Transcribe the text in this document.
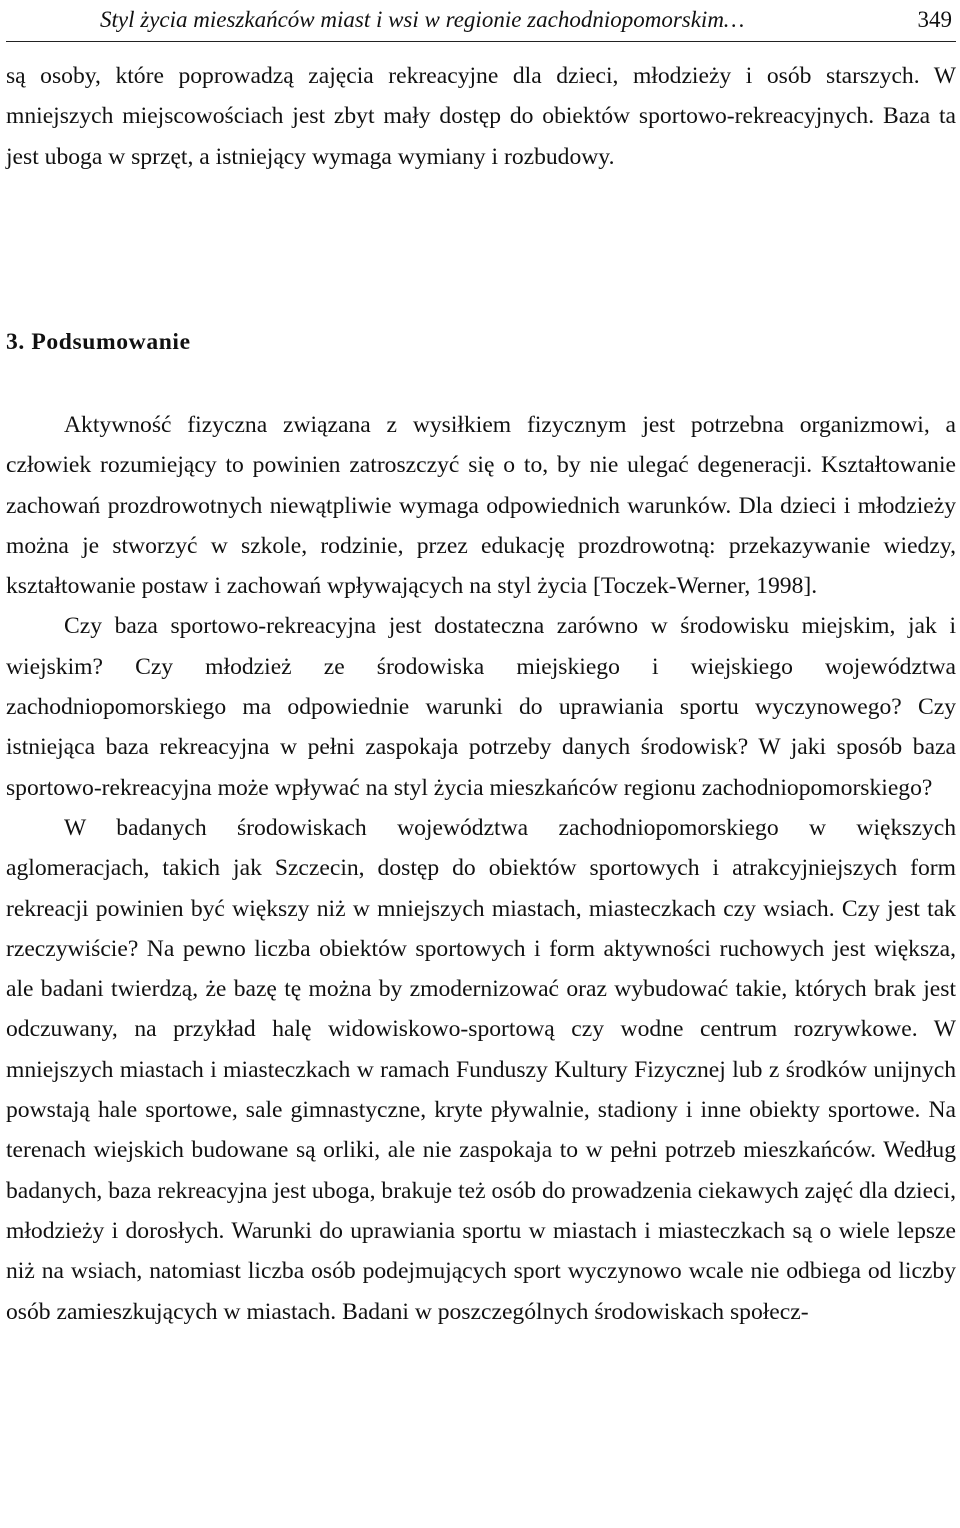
Styl życia mieszkańców miast i wsi w regionie zachodniopomorskim…	349

są osoby, które poprowadzą zajęcia rekreacyjne dla dzieci, młodzieży i osób starszych. W mniejszych miejscowościach jest zbyt mały dostęp do obiektów sportowo-rekreacyjnych. Baza ta jest uboga w sprzęt, a istniejący wymaga wymiany i rozbudowy.

3. Podsumowanie

Aktywność fizyczna związana z wysiłkiem fizycznym jest potrzebna organizmowi, a człowiek rozumiejący to powinien zatroszczyć się o to, by nie ulegać degeneracji. Kształtowanie zachowań prozdrowotnych niewątpliwie wymaga odpowiednich warunków. Dla dzieci i młodzieży można je stworzyć w szkole, rodzinie, przez edukację prozdrowotną: przekazywanie wiedzy, kształtowanie postaw i zachowań wpływających na styl życia [Toczek-Werner, 1998].

Czy baza sportowo-rekreacyjna jest dostateczna zarówno w środowisku miejskim, jak i wiejskim? Czy młodzież ze środowiska miejskiego i wiejskiego województwa zachodniopomorskiego ma odpowiednie warunki do uprawiania sportu wyczynowego? Czy istniejąca baza rekreacyjna w pełni zaspokaja potrzeby danych środowisk? W jaki sposób baza sportowo-rekreacyjna może wpływać na styl życia mieszkańców regionu zachodniopomorskiego?

W badanych środowiskach województwa zachodniopomorskiego w większych aglomeracjach, takich jak Szczecin, dostęp do obiektów sportowych i atrakcyjniejszych form rekreacji powinien być większy niż w mniejszych miastach, miasteczkach czy wsiach. Czy jest tak rzeczywiście? Na pewno liczba obiektów sportowych i form aktywności ruchowych jest większa, ale badani twierdzą, że bazę tę można by zmodernizować oraz wybudować takie, których brak jest odczuwany, na przykład halę widowiskowo-sportową czy wodne centrum rozrywkowe. W mniejszych miastach i miasteczkach w ramach Funduszy Kultury Fizycznej lub z środków unijnych powstają hale sportowe, sale gimnastyczne, kryte pływalnie, stadiony i inne obiekty sportowe. Na terenach wiejskich budowane są orliki, ale nie zaspokaja to w pełni potrzeb mieszkańców. Według badanych, baza rekreacyjna jest uboga, brakuje też osób do prowadzenia ciekawych zajęć dla dzieci, młodzieży i dorosłych. Warunki do uprawiania sportu w miastach i miasteczkach są o wiele lepsze niż na wsiach, natomiast liczba osób podejmujących sport wyczynowo wcale nie odbiega od liczby osób zamieszkujących w miastach. Badani w poszczególnych środowiskach społecz-
